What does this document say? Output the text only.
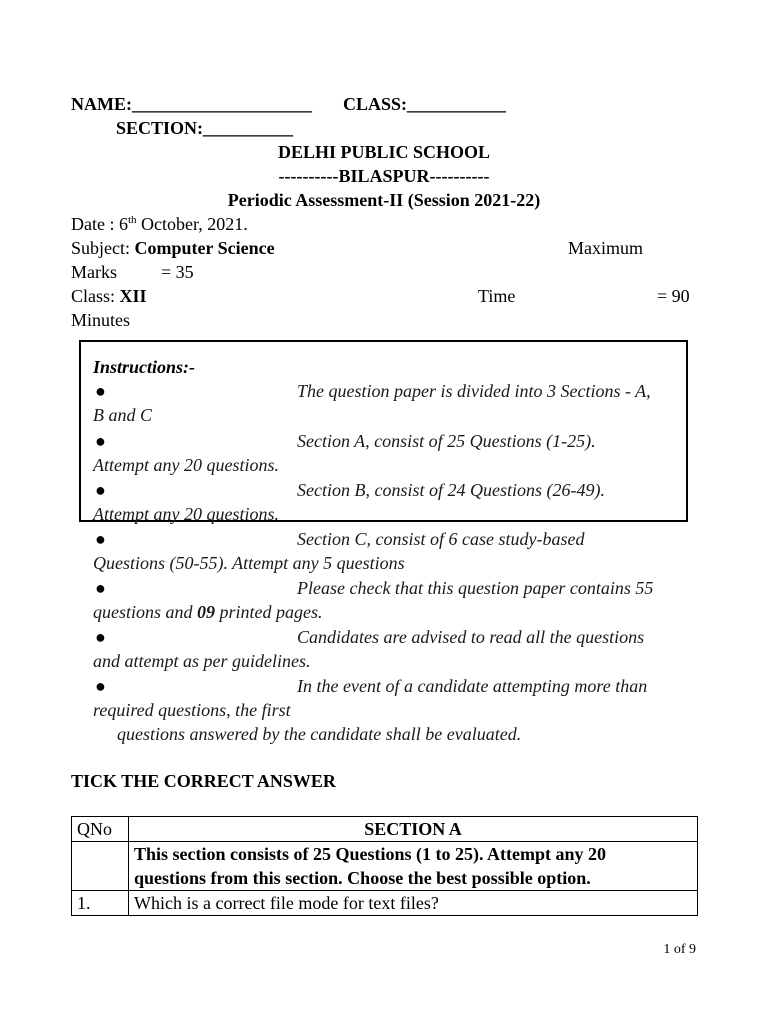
NAME:____________________ CLASS:___________
SECTION:__________
DELHI PUBLIC SCHOOL
----------BILASPUR----------
Periodic Assessment-II (Session 2021-22)
Date : 6th October, 2021.
Subject: Computer Science	Maximum
Marks = 35
Class: XII	Time	= 90
Minutes
Instructions:-
●	The question paper is divided into 3 Sections - A,
B and C
●	Section A, consist of 25 Questions (1-25).
Attempt any 20 questions.
●	Section B, consist of 24 Questions (26-49).
Attempt any 20 questions.
●	Section C, consist of 6 case study-based
Questions (50-55). Attempt any 5 questions
●	Please check that this question paper contains 55
questions and 09 printed pages.
●	Candidates are advised to read all the questions
and attempt as per guidelines.
●	In the event of a candidate attempting more than
required questions, the first
questions answered by the candidate shall be evaluated.
TICK THE CORRECT ANSWER
QNo	SECTION A

	This section consists of 25 Questions (1 to 25). Attempt any 20
questions from this section. Choose the best possible option.

1.	Which is a correct file mode for text files?
1 of 9
